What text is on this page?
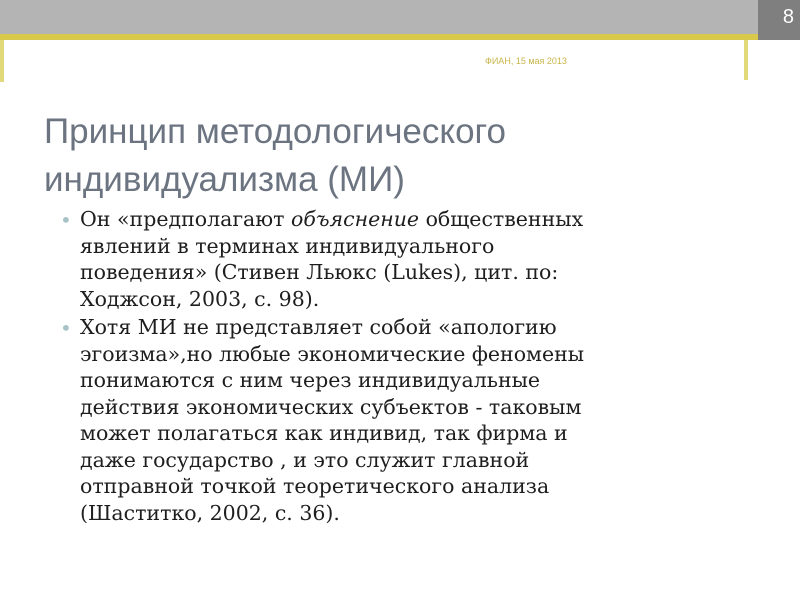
8
ФИАН, 15 мая 2013
Принцип методологического
индивидуализма (МИ)
• Он «предполагают объяснение общественных
явлений в терминах индивидуального
поведения» (Стивен Льюкс (Lukes), цит. по:
Ходжсон, 2003, с. 98).
• Хотя МИ не представляет собой «апологию
эгоизма»,но любые экономические феномены
понимаются с ним через индивидуальные
действия экономических субъектов - таковым
может полагаться как индивид, так фирма и
даже государство , и это служит главной
отправной точкой теоретического анализа
(Шаститко, 2002, с. 36).
